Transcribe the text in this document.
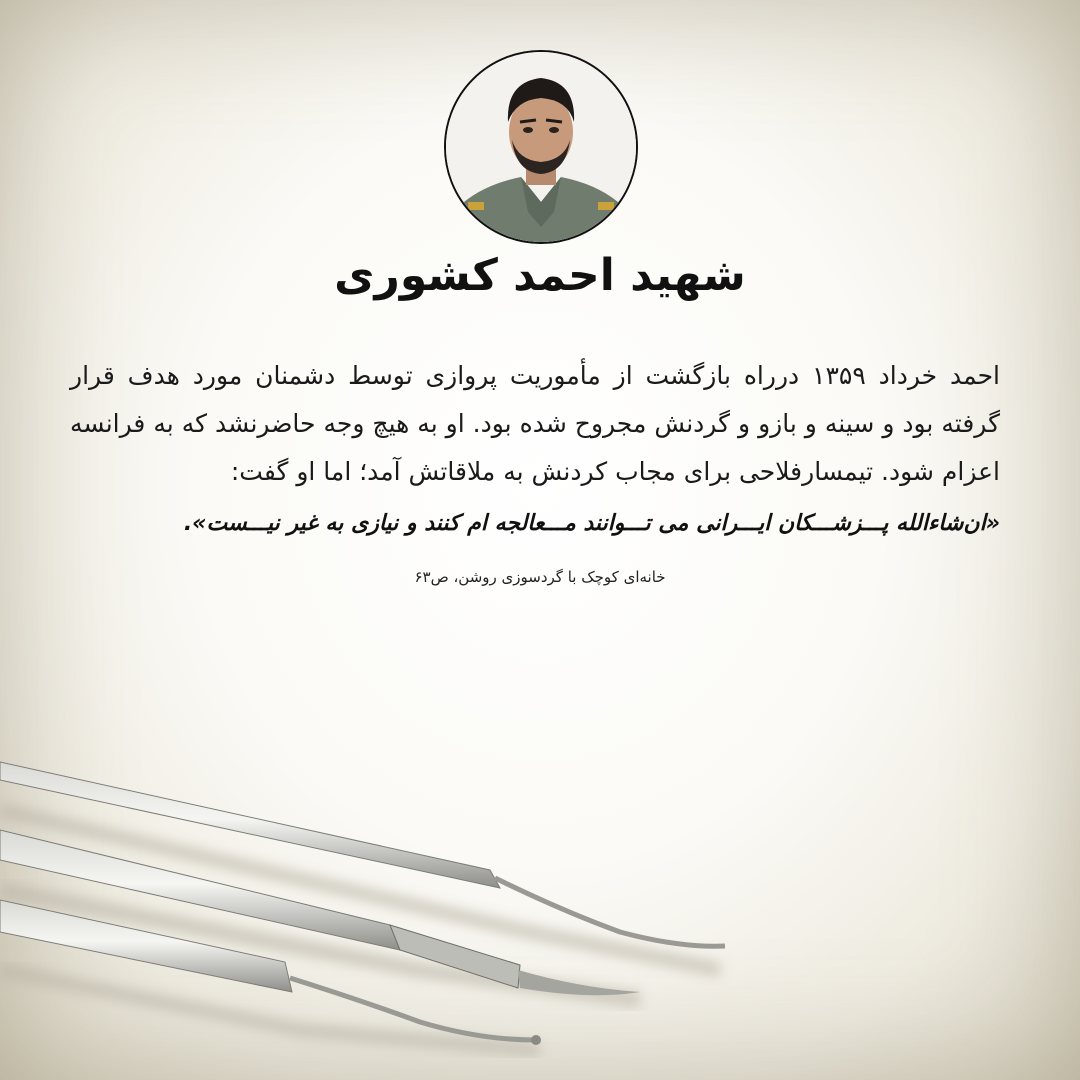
شهید احمد کشوری
احمد خرداد ۱۳۵۹ درراه بازگشت از مأموریت پروازی توسط دشمنان مورد هدف قرار گرفته بود و سینه و بازو و گردنش مجروح شده بود. او به هیچ وجه حاضرنشد که به فرانسه اعزام شود. تیمسارفلاحی برای مجاب کردنش به ملاقاتش آمد؛ اما او گفت:
«ان‌شاءالله پـــزشـــکان ایـــرانی می تـــوانند مـــعالجه ام کنند و نیازی به غیر نیـــست».
خانه‌ای کوچک با گردسوزی روشن، ص۶۳
